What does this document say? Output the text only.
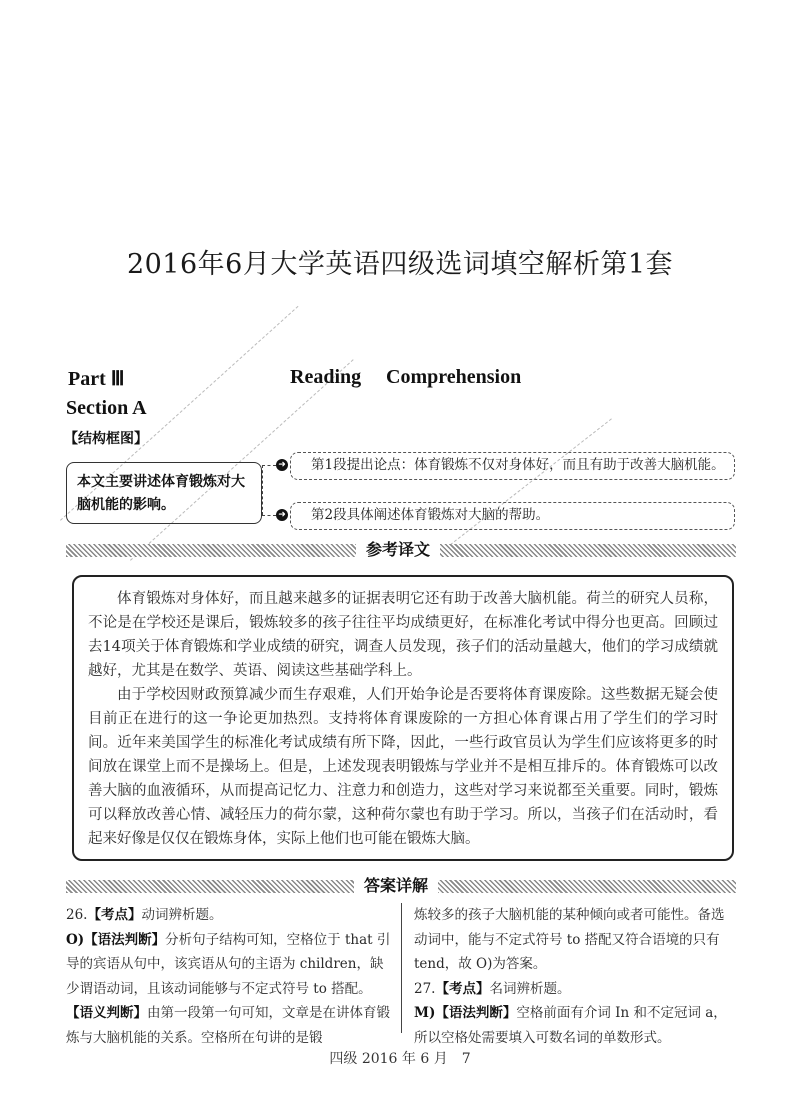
2016年6月大学英语四级选词填空解析第1套
Part Ⅲ	Reading Comprehension
Section A
【结构框图】
本文主要讲述体育锻炼对大脑机能的影响。
➜
➜
第1段提出论点：体育锻炼不仅对身体好，而且有助于改善大脑机能。
第2段具体阐述体育锻炼对大脑的帮助。
参考译文

体育锻炼对身体好，而且越来越多的证据表明它还有助于改善大脑机能。荷兰的研究人员称，不论是在学校还是课后，锻炼较多的孩子往往平均成绩更好，在标准化考试中得分也更高。回顾过去14项关于体育锻炼和学业成绩的研究，调查人员发现，孩子们的活动量越大，他们的学习成绩就越好，尤其是在数学、英语、阅读这些基础学科上。

由于学校因财政预算减少而生存艰难，人们开始争论是否要将体育课废除。这些数据无疑会使目前正在进行的这一争论更加热烈。支持将体育课废除的一方担心体育课占用了学生们的学习时间。近年来美国学生的标准化考试成绩有所下降，因此，一些行政官员认为学生们应该将更多的时间放在课堂上而不是操场上。但是，上述发现表明锻炼与学业并不是相互排斥的。体育锻炼可以改善大脑的血液循环，从而提高记忆力、注意力和创造力，这些对学习来说都至关重要。同时，锻炼可以释放改善心情、减轻压力的荷尔蒙，这种荷尔蒙也有助于学习。所以，当孩子们在活动时，看起来好像是仅仅在锻炼身体，实际上他们也可能在锻炼大脑。

答案详解

26.【考点】动词辨析题。

O)【语法判断】分析句子结构可知，空格位于 that 引导的宾语从句中，该宾语从句的主语为 children，缺少谓语动词，且该动词能够与不定式符号 to 搭配。

【语义判断】由第一段第一句可知，文章是在讲体育锻炼与大脑机能的关系。空格所在句讲的是锻

炼较多的孩子大脑机能的某种倾向或者可能性。备选动词中，能与不定式符号 to 搭配又符合语境的只有 tend，故 O)为答案。

27.【考点】名词辨析题。

M)【语法判断】空格前面有介词 In 和不定冠词 a，所以空格处需要填入可数名词的单数形式。

四级 2016 年 6 月　7
